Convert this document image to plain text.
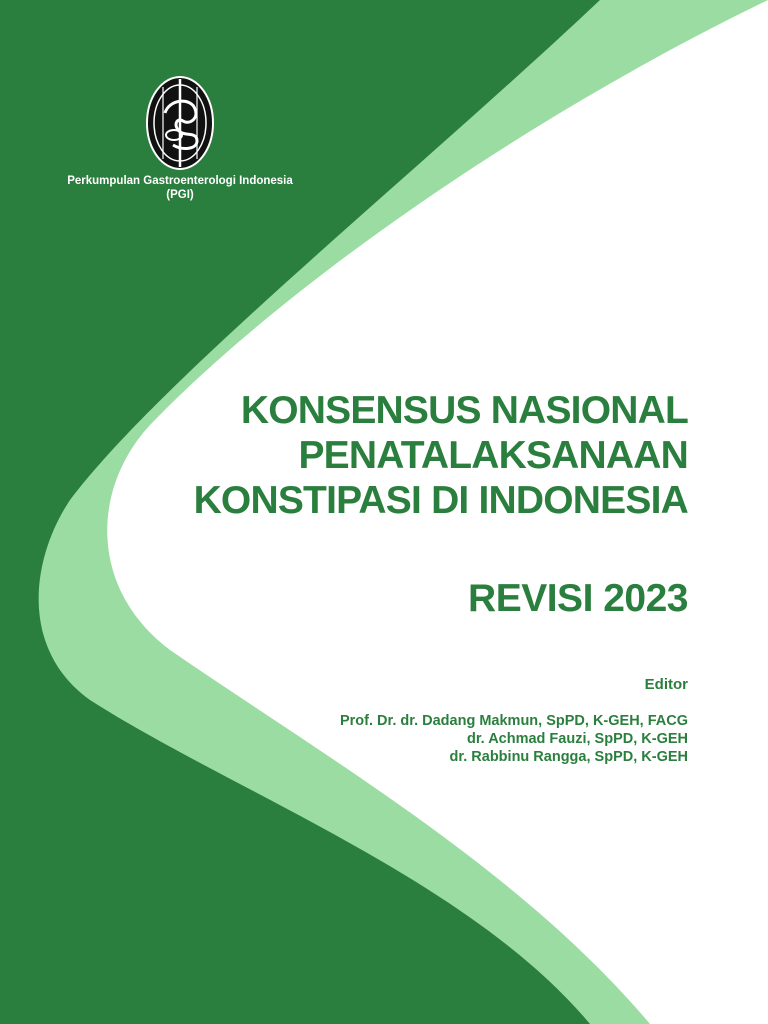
Perkumpulan Gastroenterologi Indonesia
(PGI)
KONSENSUS NASIONAL
PENATALAKSANAAN
KONSTIPASI DI INDONESIA
REVISI 2023
Editor
Prof. Dr. dr. Dadang Makmun, SpPD, K-GEH, FACG
dr. Achmad Fauzi, SpPD, K-GEH
dr. Rabbinu Rangga, SpPD, K-GEH
